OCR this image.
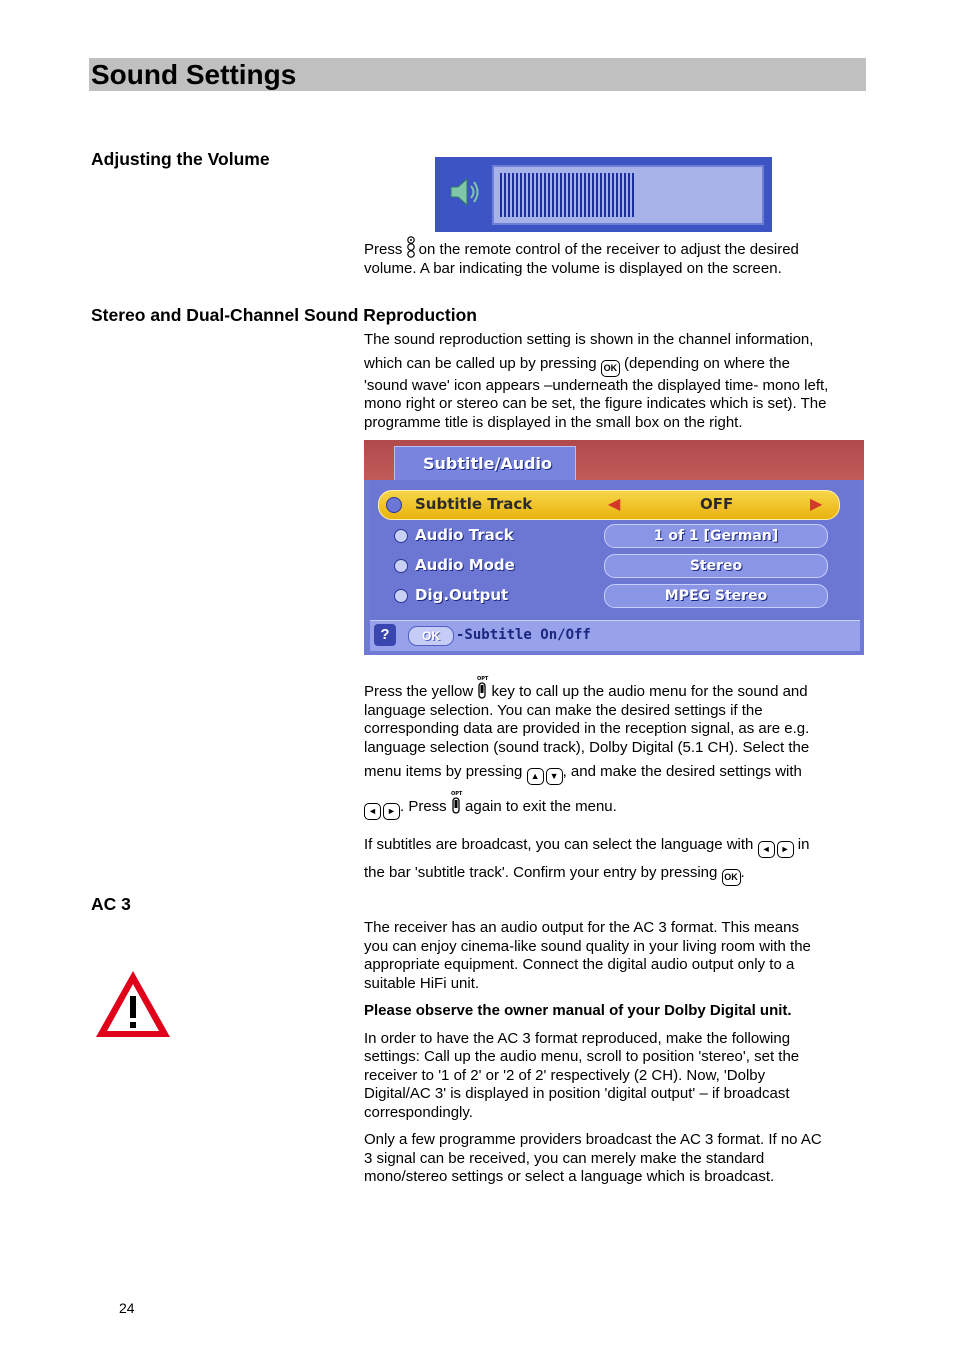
Sound Settings
Adjusting the Volume
Press  on the remote control of the receiver to adjust the desired
volume. A bar indicating the volume is displayed on the screen.
Stereo and Dual-Channel Sound Reproduction
The sound reproduction setting is shown in the channel information,
which can be called up by pressing OK (depending on where the
'sound wave' icon appears –underneath the displayed time- mono left,
mono right or stereo can be set, the figure indicates which is set). The
programme title is displayed in the small box on the right.
Subtitle/Audio
Subtitle Track	◀	OFF	▶
Audio Track	1 of 1 [German]
Audio Mode	Stereo
Dig.Output	MPEG Stereo
?	OK	-Subtitle On/Off
Press the yellow
OPT
key to call up the audio menu for the sound and
language selection. You can make the desired settings if the
corresponding data are provided in the reception signal, as are e.g.
language selection (sound track), Dolby Digital (5.1 CH). Select the
menu items by pressing ▲ ▼ , and make the desired settings with
◄ ► . Press
OPT
again to exit the menu.
If subtitles are broadcast, you can select the language with ◄ ► in
the bar 'subtitle track'. Confirm your entry by pressing OK .
AC 3
The receiver has an audio output for the AC 3 format. This means
you can enjoy cinema-like sound quality in your living room with the
appropriate equipment. Connect the digital audio output only to a
suitable HiFi unit.
Please observe the owner manual of your Dolby Digital unit.
In order to have the AC 3 format reproduced, make the following
settings: Call up the audio menu, scroll to position 'stereo', set the
receiver to '1 of 2' or '2 of 2' respectively (2 CH). Now, 'Dolby
Digital/AC 3' is displayed in position 'digital output' – if broadcast
correspondingly.
Only a few programme providers broadcast the AC 3 format. If no AC
3 signal can be received, you can merely make the standard
mono/stereo settings or select a language which is broadcast.
24
